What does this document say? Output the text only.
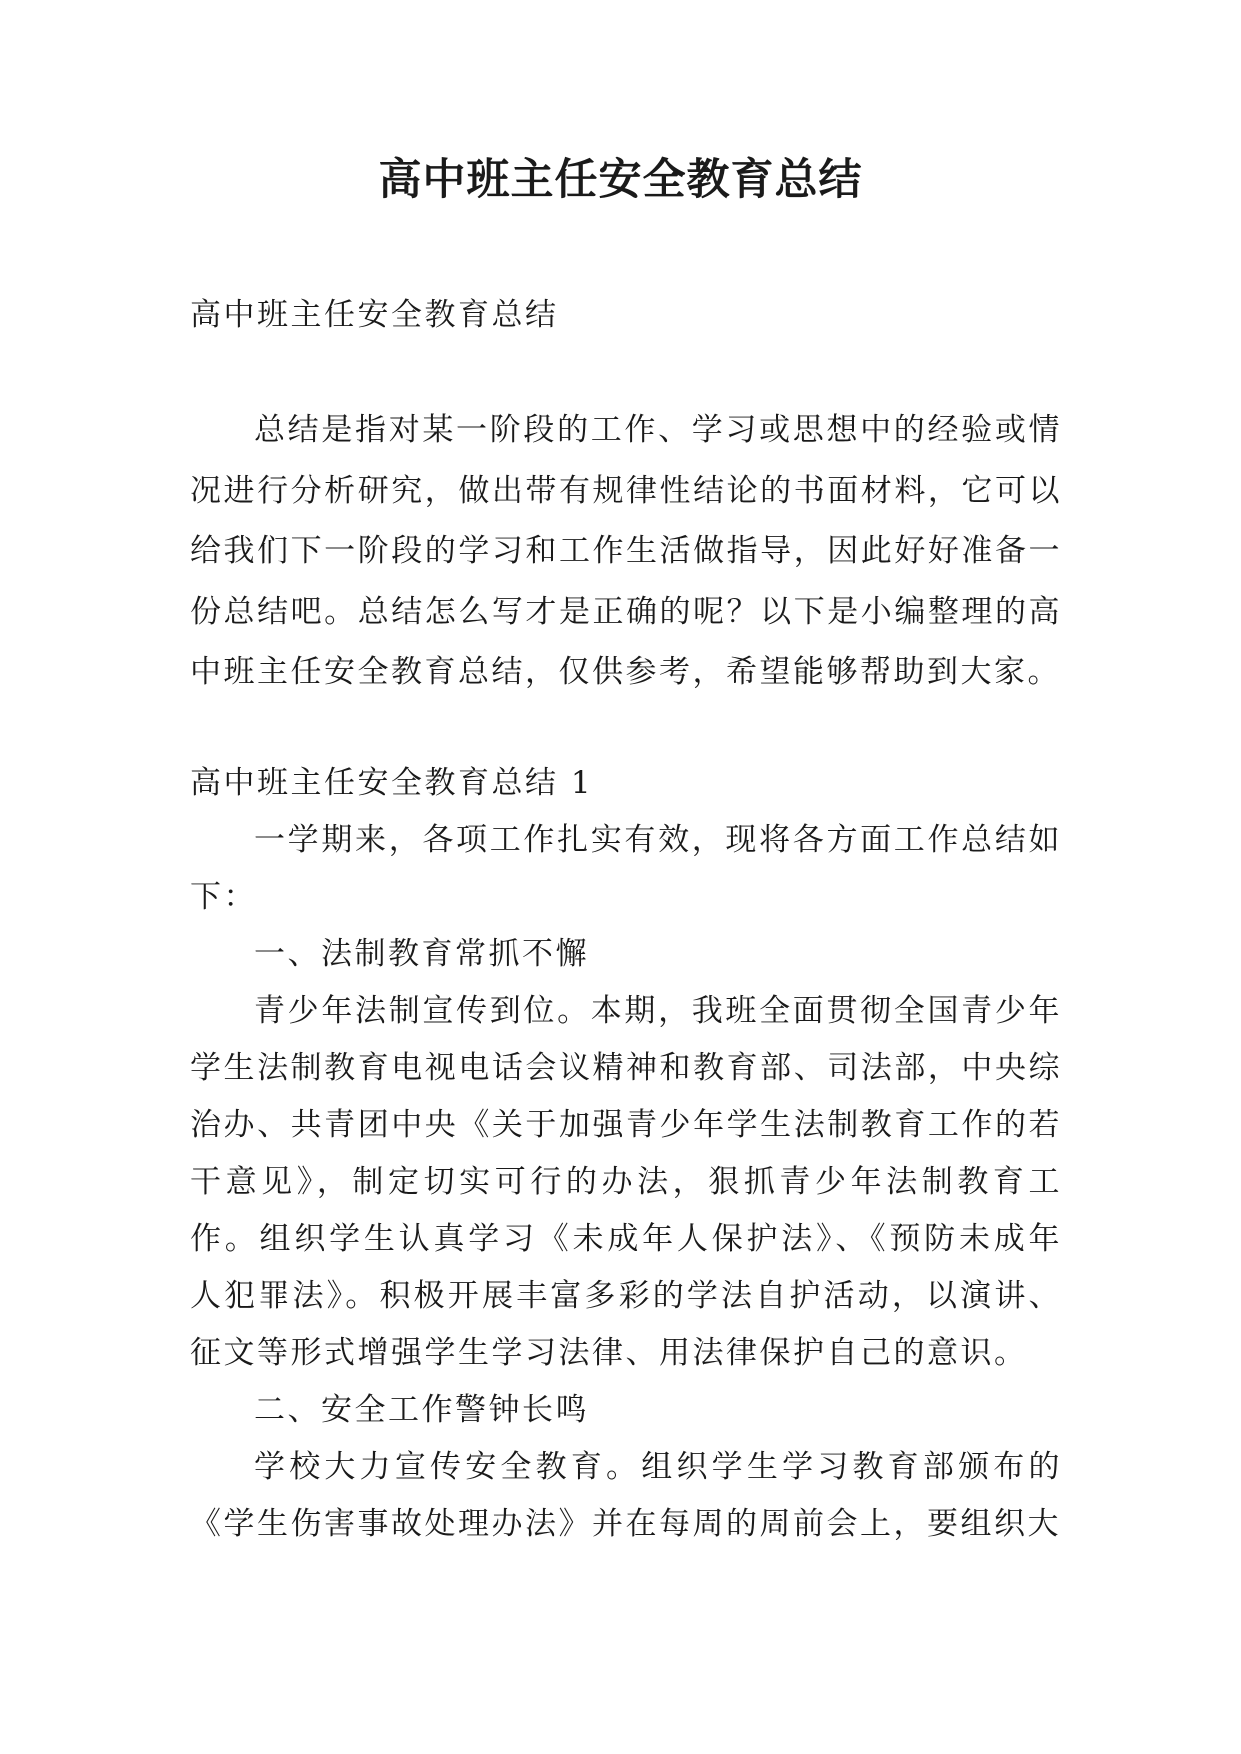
高中班主任安全教育总结

高中班主任安全教育总结

总结是指对某一阶段的工作、学习或思想中的经验或情况进行分析研究，做出带有规律性结论的书面材料，它可以给我们下一阶段的学习和工作生活做指导，因此好好准备一份总结吧。总结怎么写才是正确的呢？以下是小编整理的高中班主任安全教育总结，仅供参考，希望能够帮助到大家。

高中班主任安全教育总结 1

一学期来，各项工作扎实有效，现将各方面工作总结如下：

一、法制教育常抓不懈

青少年法制宣传到位。本期，我班全面贯彻全国青少年学生法制教育电视电话会议精神和教育部、司法部，中央综治办、共青团中央《关于加强青少年学生法制教育工作的若干意见》，制定切实可行的办法，狠抓青少年法制教育工作。组织学生认真学习《未成年人保护法》、《预防未成年人犯罪法》。积极开展丰富多彩的学法自护活动，以演讲、征文等形式增强学生学习法律、用法律保护自己的意识。

二、安全工作警钟长鸣

学校大力宣传安全教育。组织学生学习教育部颁布的《学生伤害事故处理办法》并在每周的周前会上，要组织大
